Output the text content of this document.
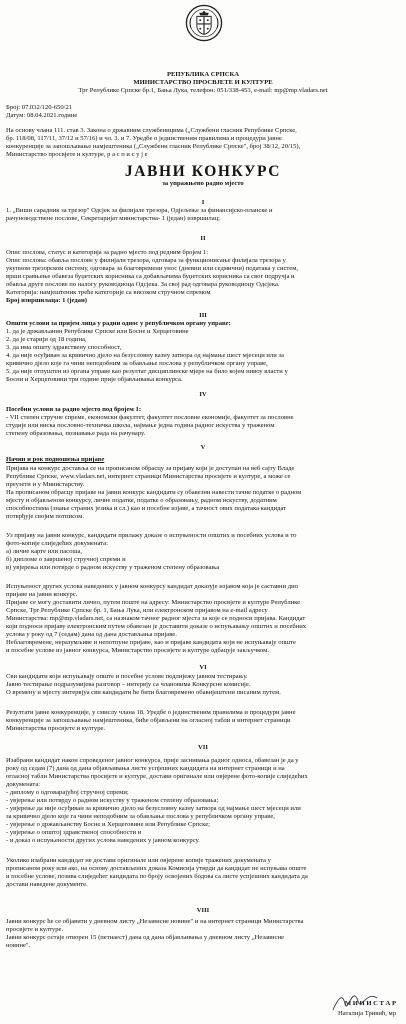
РЕПУБЛИКА СРПСКА
МИНИСТАРСТВО ПРОСВЈЕТЕ И КУЛТУРЕ
Трг Републике Српске бр.1, Бања Лука, телефон: 051/338-453, e-mail: mp@mp.vladars.net
Број: 07.032/120-650/21
Датум: 08.04.2021.године
На основу члана 111. став 3. Закона о државним службеницима („Службени гласник Републике Српске,
бр. 118/08, 117/11, 37/12 и 57/16) и чл. 3. и 7. Уредбе о јединственим правилима и процедури јавне
конкуренције за запошљавање намјештеника („Службени гласник Републике Српске", број 38/12, 20/15),
Министарство просвјете и културе, р а с п и с у ј е
ЈАВНИ КОНКУРС
за упражњено радно мјесто
I
1. „Виши сарадник за трезор" Одсјек за филијале трезора, Одјељење за финансијско-планске и
рачуноводствене послове, Секретаријат министарства- 1 (један) извршилац;
II
Опис послова, статус и категорија за радно мјесто под редним бројем 1:
Опис послова: обавља послове у филијали трезора, одговара за функционисање филијала трезора у
укупном трезорском систему, одговара за благовремени унос (дневни или седмични) података у систем,
врши сравњење обавеза буџетских корисника са добављачима буџетских корисника са свог подручја и
обавља друге послове по налогу руководиоца Одсјека. За свој рад одговара руководиоцу Одсјека.
Категорија: намјештеник треће категорије са високом стручном спремом
Број извршилаца: 1 (један)
III
Општи услови за пријем лица у радни однос у републичком органу управе:
1. да је држављанин Републике Српске или Босне и Херцеговине
2. да је старији од 18 година,
3. да има општу здравствену способност,
4. да није осуђиван за кривично дјело на безусловну казну затвора од најмање шест мјесеци или за
кривично дјело које га чини неподобним за обављање послова у републичком органу управе,
5. да није отпуштен из органа управе као резултат дисциплинске мјере на било којем нивоу власти у
Босни и Херцеговини три године прије објављивања конкурса.
IV
Посебни услови за радно мјесто под бројем 1:
- VII степен стручне спреме, економски факултет, факултет пословне економије, факултет за пословне
студије или виска пословно-техничка школа, најмање једна година радног искуства у траженом
степену образовања, познавање рада на рачунару.
V
Начин и рок подношења пријаве
Пријава на конкурс доставља се на прописаном обрасцу за пријаву који је доступан на веб сајту Владе
Републике Српске, www.vladars.net, интернет страници Министарства просвјете и културе, а може се
преузети и у Министарству.
На прописаном обрасцу пријаве на јавни конкурс кандидати су обавезни навести тачне податке о радном
мјесту и објављеном конкурсу, личне податке, податке о образовању, радном искуству, додатним
способностима (знање страних језика и сл.) као и посебне изјаве, а тачност ових података кандидат
потврђује својим потписом.
Уз пријаву на јавни конкурс, кандидати прилажу доказе о испуњености општих и посебних услова и то
фото-копије слиједећих докумената:
а) личне карте или пасоша,
б) дипломе о завршеној стручној спреми и
в) увјерења или потврде о радном искуству у траженом степену образовања
Испуњеност других услова наведених у јавном конкурсу кандидат доказује изјавом која је саставни дио
пријаве на јавни конкурс.
Пријаве се могу доставити лично, путем поште на адресу: Министарство просвјете и културе Републике
Српске, Трг Републике Српске бр. 1, Бања Лука, или електронском пријавом на e-mail адресу
Министарства: mp@mp.vladars.net, са назнаком тачног радног мјеста за које се подноси пријава. Кандидат
који подноси пријаву електронским путем обавезан је доставити доказе о испуњавању општих и посебних
услова у року од 7 (седам) дана од дана достављања пријаве.
Неблаговремене, неразумљиве и непотпуне пријаве, као и пријаве кандидата који не испуњавају опште
и посебне услове из јавног конкурса, Министарство просвјете и културе одбацује закључком.
VI
Сви кандидати који испуњавају опште и посебне услове подлијежу јавном тестирању.
Јавно тестирање подразумијева разговор – интервју са члановима Конкурсне комисије.
О времену и мјесту интервјуа сви кандидати ће бити благовремено обавијештени писаним путем.
Резултати јавне конкуренције, у смислу члана 18. Уредбе о јединственим правилима и процедури јавне
конкуренције за запошљавање намјештеника, биће објављени на огласној табли и интернет страници
Министарства просвјете и културе.
VII
Изабрани кандидат након спроведеног јавног конкурса, прије заснивања радног односа, обавезан је да у
року од седам (7) дана од дана објављивања листе успјешних кандидата на интернет страници и на
огласној табли Министарства просвјете и културе, достави оригинале или овјерене фото-копије слиједећих
докумената:
- диплому о одговарајућој стручној спреми;
- увјерење или потврду о радном искуству у траженом степену образовања;
- увјерење да није осуђиван за кривично дјело на безусловну казну затвора од најмање шест мјесеци или
за кривично дјело које га чини неподобним за обављање послова у републичком органу управе,
- увјерење о држављанству Босне и Херцеговине или Републике Српске;
- увјерење о општој здравственој способности и
- и доказ о испуњености других услова наведених у јавном конкурсу.
Уколико изабрани кандидат не достави оригинале или овјерене копије тражених докумената у
прописаном року или ако, на основу достављених доказа Комисија утврди да кандидат не испуњава опште
и посебне услове, позива слиједећег кандидата по броју освојених бодова са листе успјешних кандидата да
достави наведене документе.
VIII
Јавни конкурс ће се објавити у дневном листу „Независне новине" и на интернет страници Министарства
просвјете и културе.
Јавни конкурс остаје отворен 15 (петнаест) дана од дана објављивања у дневном листу „Независне
новине".
М И Н И С Т А Р
Наталија Тривић, мр
